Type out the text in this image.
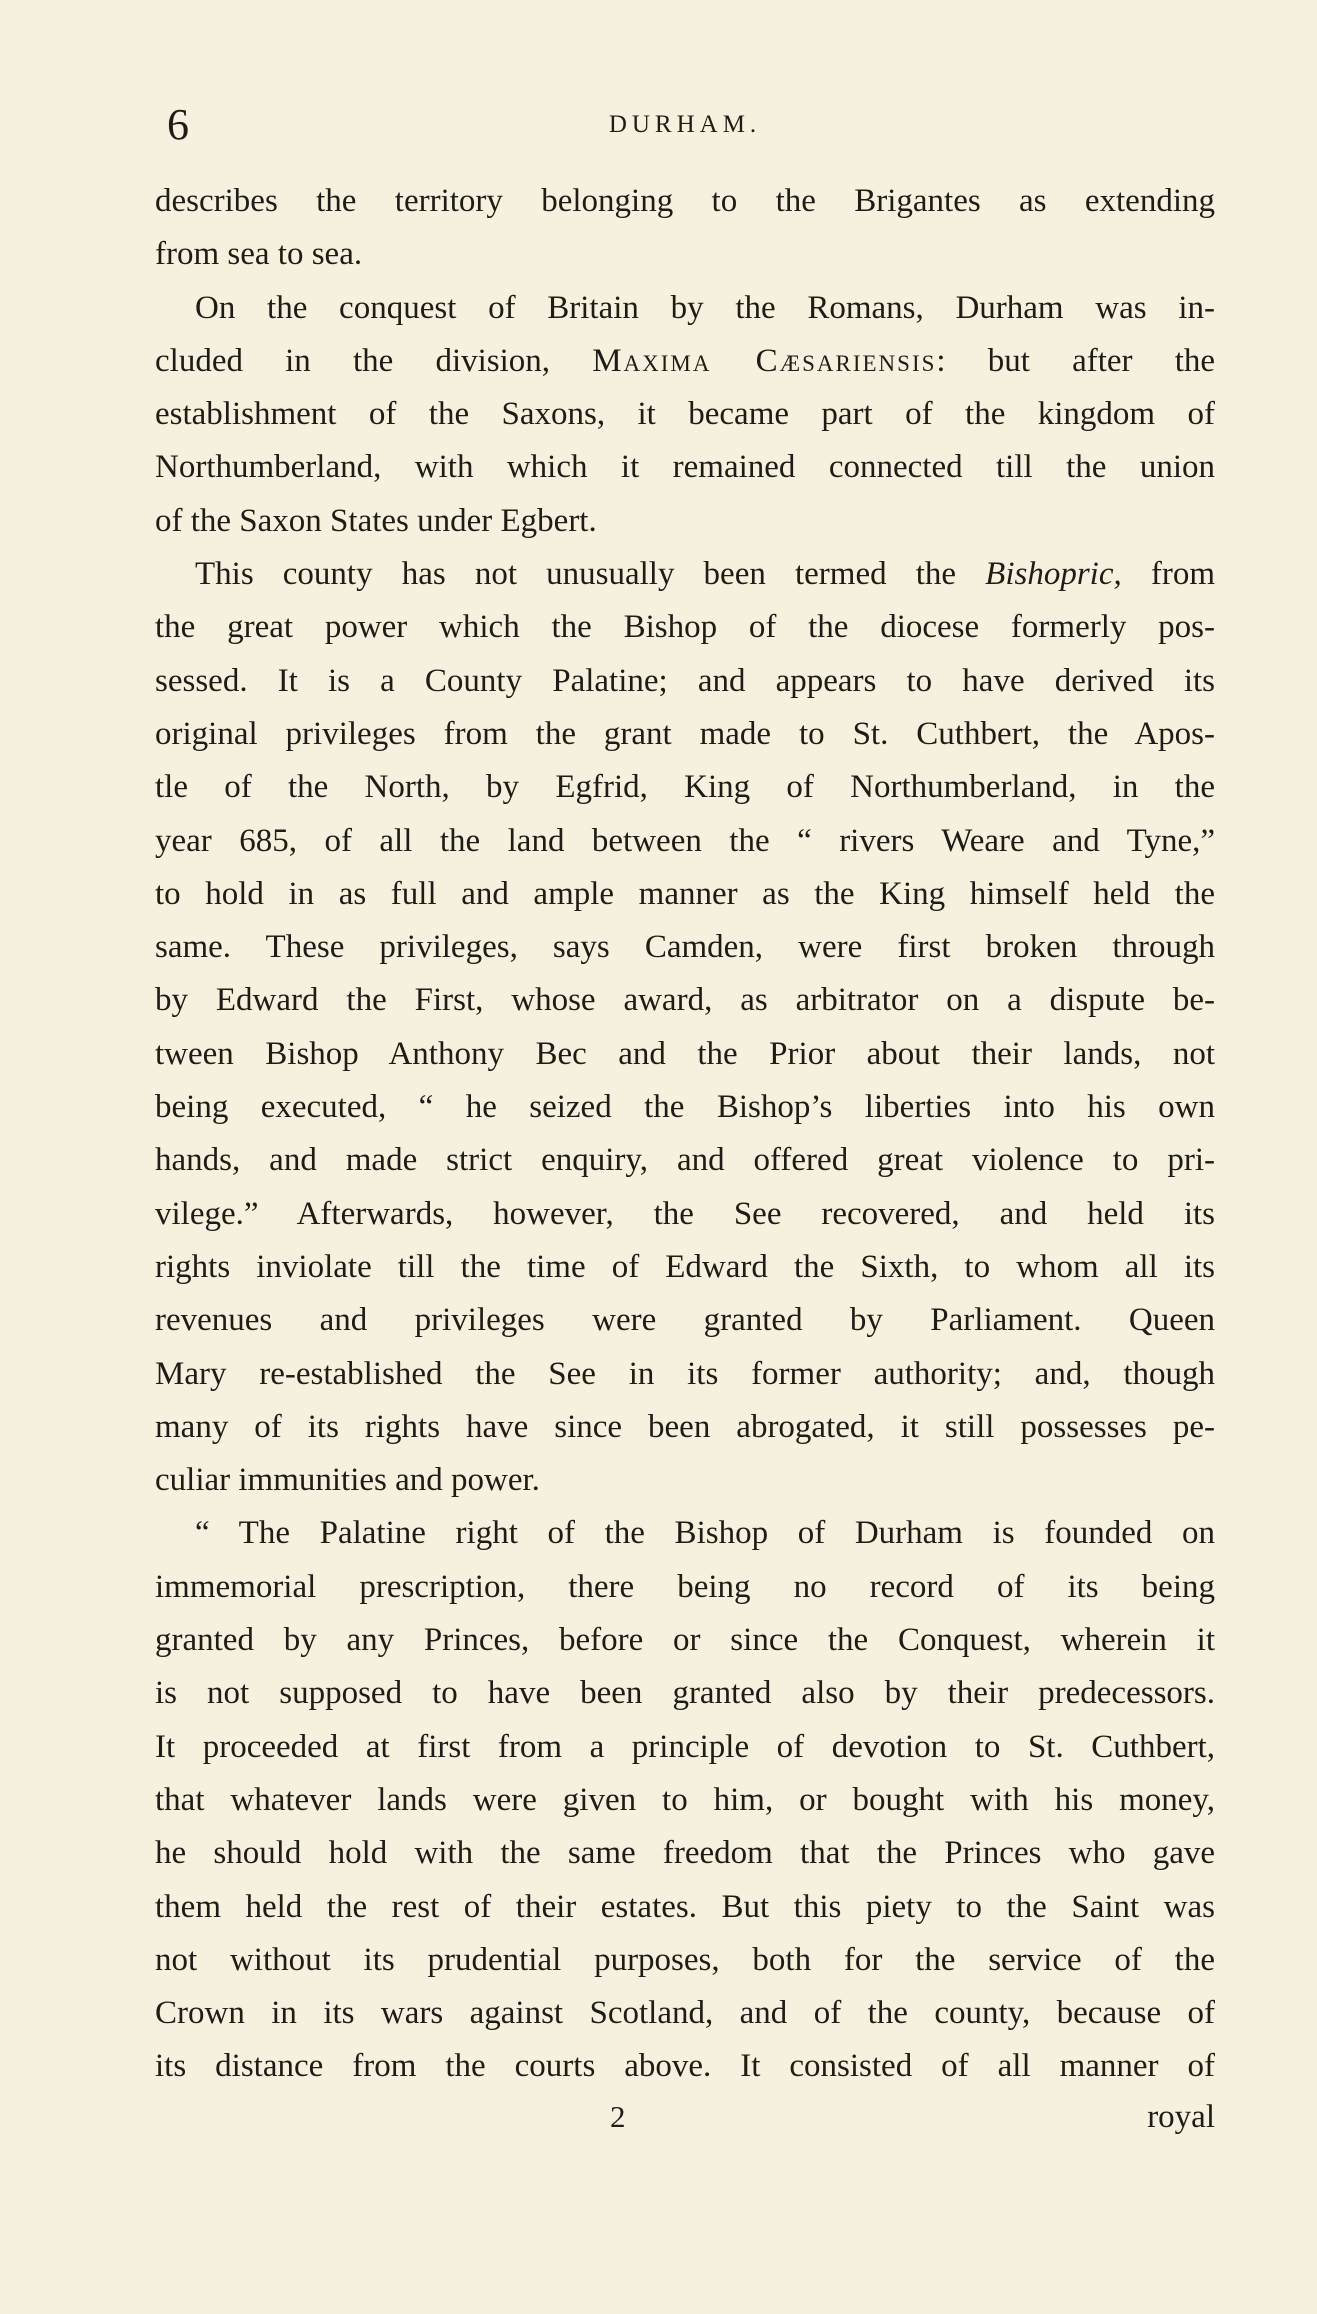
6	DURHAM.
describes the territory belonging to the Brigantes as extending
from sea to sea.
On the conquest of Britain by the Romans, Durham was in-
cluded in the division, Maxima Cæsariensis: but after the
establishment of the Saxons, it became part of the kingdom of
Northumberland, with which it remained connected till the union
of the Saxon States under Egbert.
This county has not unusually been termed the Bishopric, from
the great power which the Bishop of the diocese formerly pos-
sessed. It is a County Palatine; and appears to have derived its
original privileges from the grant made to St. Cuthbert, the Apos-
tle of the North, by Egfrid, King of Northumberland, in the
year 685, of all the land between the “ rivers Weare and Tyne,”
to hold in as full and ample manner as the King himself held the
same. These privileges, says Camden, were first broken through
by Edward the First, whose award, as arbitrator on a dispute be-
tween Bishop Anthony Bec and the Prior about their lands, not
being executed, “ he seized the Bishop’s liberties into his own
hands, and made strict enquiry, and offered great violence to pri-
vilege.” Afterwards, however, the See recovered, and held its
rights inviolate till the time of Edward the Sixth, to whom all its
revenues and privileges were granted by Parliament. Queen
Mary re-established the See in its former authority; and, though
many of its rights have since been abrogated, it still possesses pe-
culiar immunities and power.
“ The Palatine right of the Bishop of Durham is founded on
immemorial prescription, there being no record of its being
granted by any Princes, before or since the Conquest, wherein it
is not supposed to have been granted also by their predecessors.
It proceeded at first from a principle of devotion to St. Cuthbert,
that whatever lands were given to him, or bought with his money,
he should hold with the same freedom that the Princes who gave
them held the rest of their estates. But this piety to the Saint was
not without its prudential purposes, both for the service of the
Crown in its wars against Scotland, and of the county, because of
its distance from the courts above. It consisted of all manner of
2	royal
